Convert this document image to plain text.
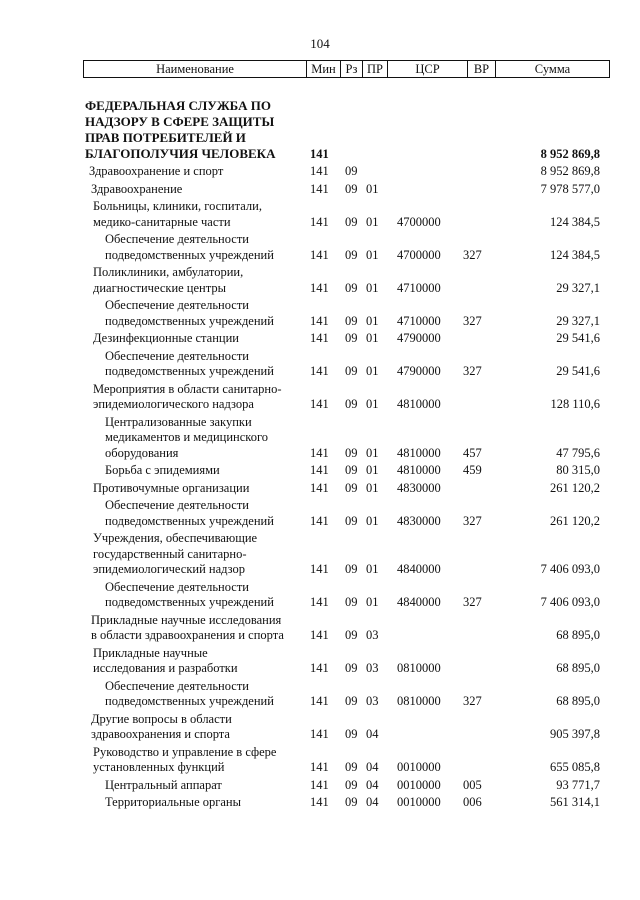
104
Наименование	Мин Рз ПР	ЦСР	ВР	Сумма
ФЕДЕРАЛЬНАЯ СЛУЖБА ПО
НАДЗОРУ В СФЕРЕ ЗАЩИТЫ
ПРАВ ПОТРЕБИТЕЛЕЙ И
БЛАГОПОЛУЧИЯ ЧЕЛОВЕКА	141	8 952 869,8
Здравоохранение и спорт	141 09	8 952 869,8
Здравоохранение	141 09 01	7 978 577,0
Больницы, клиники, госпитали,
медико-санитарные части	141 09 01 4700000	124 384,5
Обеспечение деятельности
подведомственных учреждений	141 09 01 4700000 327	124 384,5
Поликлиники, амбулатории,
диагностические центры	141 09 01 4710000	29 327,1
Обеспечение деятельности
подведомственных учреждений	141 09 01 4710000 327	29 327,1
Дезинфекционные станции	141 09 01 4790000	29 541,6
Обеспечение деятельности
подведомственных учреждений	141 09 01 4790000 327	29 541,6
Мероприятия в области санитарно-
эпидемиологического надзора	141 09 01 4810000	128 110,6
Централизованные закупки
медикаментов и медицинского
оборудования	141 09 01 4810000 457	47 795,6
Борьба с эпидемиями	141 09 01 4810000 459	80 315,0
Противочумные организации	141 09 01 4830000	261 120,2
Обеспечение деятельности
подведомственных учреждений	141 09 01 4830000 327	261 120,2
Учреждения, обеспечивающие
государственный санитарно-
эпидемиологический надзор	141 09 01 4840000	7 406 093,0
Обеспечение деятельности
подведомственных учреждений	141 09 01 4840000 327	7 406 093,0
Прикладные научные исследования
в области здравоохранения и спорта	141 09 03	68 895,0
Прикладные научные
исследования и разработки	141 09 03 0810000	68 895,0
Обеспечение деятельности
подведомственных учреждений	141 09 03 0810000 327	68 895,0
Другие вопросы в области
здравоохранения и спорта	141 09 04	905 397,8
Руководство и управление в сфере
установленных функций	141 09 04 0010000	655 085,8
Центральный аппарат	141 09 04 0010000 005	93 771,7
Территориальные органы	141 09 04 0010000 006	561 314,1
